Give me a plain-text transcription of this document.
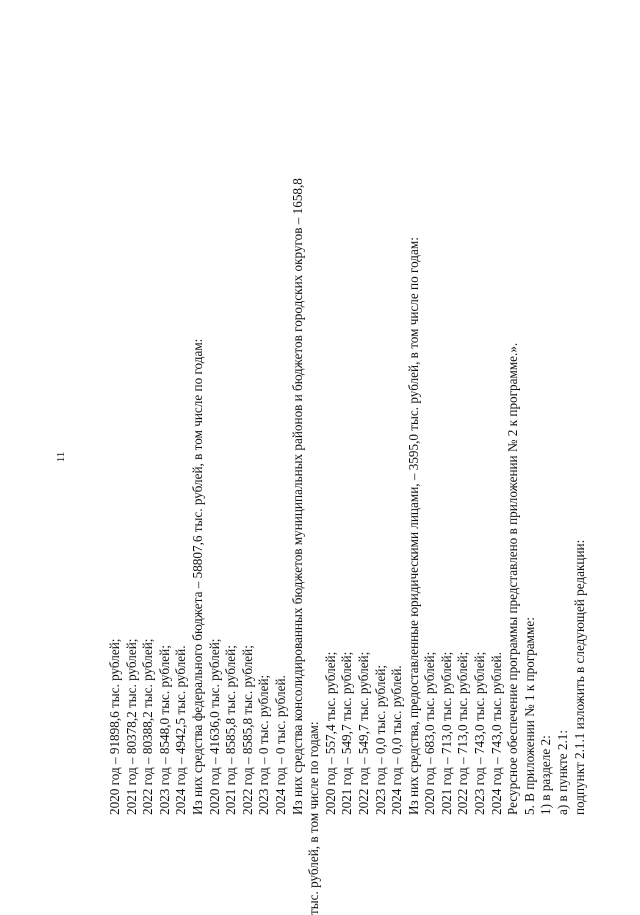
11
2020 год – 91898,6 тыс. рублей; 2021 год – 80378,2 тыс. рублей; 2022 год – 80388,2 тыс. рублей; 2023 год – 8548,0 тыс. рублей; 2024 год – 4942,5 тыс. рублей. Из них средства федерального бюджета – 58807,6 тыс. рублей, в том числе по годам: 2020 год – 41636,0 тыс. рублей; 2021 год – 8585,8 тыс. рублей; 2022 год – 8585,8 тыс. рублей; 2023 год – 0 тыс. рублей; 2024 год – 0 тыс. рублей. Из них средства консолидированных бюджетов муниципальных районов и бюджетов городских округов – 1658,8
тыс. рублей, в том числе по годам: 2020 год – 557,4 тыс. рублей; 2021 год – 549,7 тыс. рублей; 2022 год – 549,7 тыс. рублей; 2023 год – 0,0 тыс. рублей; 2024 год – 0,0 тыс. рублей. Из них средства, предоставленные юридическими лицами, – 3595,0 тыс. рублей, в том числе по годам: 2020 год – 683,0 тыс. рублей; 2021 год – 713,0 тыс. рублей; 2022 год – 713,0 тыс. рублей; 2023 год – 743,0 тыс. рублей; 2024 год – 743,0 тыс. рублей. Ресурсное обеспечение программы представлено в приложении № 2 к программе.». 5. В приложении № 1 к программе: 1) в разделе 2: а) в пункте 2.1: подпункт 2.1.1 изложить в следующей редакции:
